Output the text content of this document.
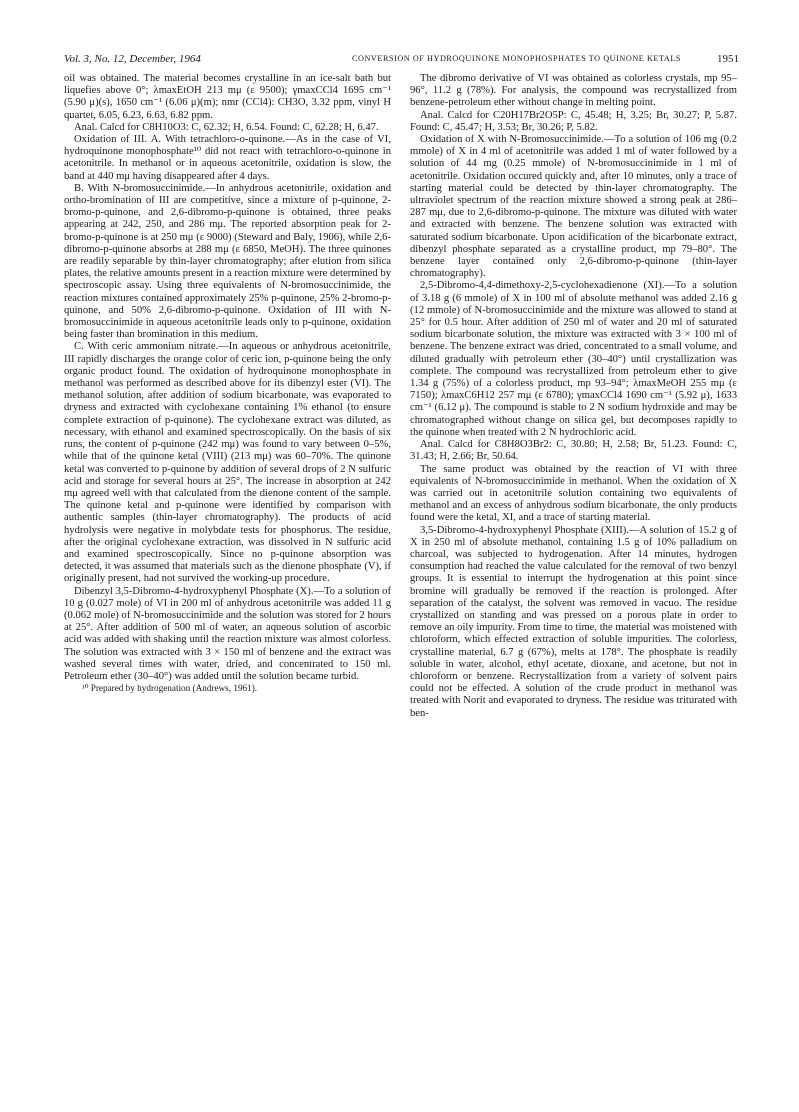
Vol. 3, No. 12, December, 1964	CONVERSION OF HYDROQUINONE MONOPHOSPHATES TO QUINONE KETALS	1951

oil was obtained. The material becomes crystalline in an ice-salt bath but liquefies above 0°; λmaxEtOH 213 mμ (ε 9500); γmaxCCl4 1695 cm⁻¹ (5.90 μ)(s), 1650 cm⁻¹ (6.06 μ)(m); nmr (CCl4): CH3O, 3.32 ppm, vinyl H quartet, 6.05, 6.23, 6.63, 6.82 ppm.

Anal. Calcd for C8H10O3: C, 62.32; H, 6.54. Found: C, 62.28; H, 6.47.

Oxidation of III. A. With tetrachloro-o-quinone.—As in the case of VI, hydroquinone monophosphate¹⁰ did not react with tetrachloro-o-quinone in acetonitrile. In methanol or in aqueous acetonitrile, oxidation is slow, the band at 440 mμ having disappeared after 4 days.

B. With N-bromosuccinimide.—In anhydrous acetonitrile, oxidation and ortho-bromination of III are competitive, since a mixture of p-quinone, 2-bromo-p-quinone, and 2,6-dibromo-p-quinone is obtained, three peaks appearing at 242, 250, and 286 mμ. The reported absorption peak for 2-bromo-p-quinone is at 250 mμ (ε 9000) (Steward and Baly, 1906), while 2,6-dibromo-p-quinone absorbs at 288 mμ (ε 6850, MeOH). The three quinones are readily separable by thin-layer chromatography; after elution from silica plates, the relative amounts present in a reaction mixture were determined by spectroscopic assay. Using three equivalents of N-bromosuccinimide, the reaction mixtures contained approximately 25% p-quinone, 25% 2-bromo-p-quinone, and 50% 2,6-dibromo-p-quinone. Oxidation of III with N-bromosuccinimide in aqueous acetonitrile leads only to p-quinone, oxidation being faster than bromination in this medium.

C. With ceric ammonium nitrate.—In aqueous or anhydrous acetonitrile, III rapidly discharges the orange color of ceric ion, p-quinone being the only organic product found. The oxidation of hydroquinone monophosphate in methanol was performed as described above for its dibenzyl ester (VI). The methanol solution, after addition of sodium bicarbonate, was evaporated to dryness and extracted with cyclohexane containing 1% ethanol (to ensure complete extraction of p-quinone). The cyclohexane extract was diluted, as necessary, with ethanol and examined spectroscopically. On the basis of six runs, the content of p-quinone (242 mμ) was found to vary between 0–5%, while that of the quinone ketal (VIII) (213 mμ) was 60–70%. The quinone ketal was converted to p-quinone by addition of several drops of 2 N sulfuric acid and storage for several hours at 25°. The increase in absorption at 242 mμ agreed well with that calculated from the dienone content of the sample. The quinone ketal and p-quinone were identified by comparison with authentic samples (thin-layer chromatography). The products of acid hydrolysis were negative in molybdate tests for phosphorus. The residue, after the original cyclohexane extraction, was dissolved in N sulfuric acid and examined spectroscopically. Since no p-quinone absorption was detected, it was assumed that materials such as the dienone phosphate (V), if originally present, had not survived the working-up procedure.

Dibenzyl 3,5-Dibromo-4-hydroxyphenyl Phosphate (X).—To a solution of 10 g (0.027 mole) of VI in 200 ml of anhydrous acetonitrile was added 11 g (0.062 mole) of N-bromosuccinimide and the solution was stored for 2 hours at 25°. After addition of 500 ml of water, an aqueous solution of ascorbic acid was added with shaking until the reaction mixture was almost colorless. The solution was extracted with 3 × 150 ml of benzene and the extract was washed several times with water, dried, and concentrated to 150 ml. Petroleum ether (30–40°) was added until the solution became turbid.

¹⁰ Prepared by hydrogenation (Andrews, 1961).

The dibromo derivative of VI was obtained as colorless crystals, mp 95–96°, 11.2 g (78%). For analysis, the compound was recrystallized from benzene-petroleum ether without change in melting point.

Anal. Calcd for C20H17Br2O5P: C, 45.48; H, 3.25; Br, 30.27; P, 5.87. Found: C, 45.47; H, 3.53; Br, 30.26; P, 5.82.

Oxidation of X with N-Bromosuccinimide.—To a solution of 106 mg (0.2 mmole) of X in 4 ml of acetonitrile was added 1 ml of water followed by a solution of 44 mg (0.25 mmole) of N-bromosuccinimide in 1 ml of acetonitrile. Oxidation occured quickly and, after 10 minutes, only a trace of starting material could be detected by thin-layer chromatography. The ultraviolet spectrum of the reaction mixture showed a strong peak at 286–287 mμ, due to 2,6-dibromo-p-quinone. The mixture was diluted with water and extracted with benzene. The benzene solution was extracted with saturated sodium bicarbonate. Upon acidification of the bicarbonate extract, dibenzyl phosphate separated as a crystalline product, mp 79–80°. The benzene layer contained only 2,6-dibromo-p-quinone (thin-layer chromatography).

2,5-Dibromo-4,4-dimethoxy-2,5-cyclohexadienone (XI).—To a solution of 3.18 g (6 mmole) of X in 100 ml of absolute methanol was added 2.16 g (12 mmole) of N-bromosuccinimide and the mixture was allowed to stand at 25° for 0.5 hour. After addition of 250 ml of water and 20 ml of saturated sodium bicarbonate solution, the mixture was extracted with 3 × 100 ml of benzene. The benzene extract was dried, concentrated to a small volume, and diluted gradually with petroleum ether (30–40°) until crystallization was complete. The compound was recrystallized from petroleum ether to give 1.34 g (75%) of a colorless product, mp 93–94°; λmaxMeOH 255 mμ (ε 7150); λmaxC6H12 257 mμ (ε 6780); γmaxCCl4 1690 cm⁻¹ (5.92 μ), 1633 cm⁻¹ (6.12 μ). The compound is stable to 2 N sodium hydroxide and may be chromatographed without change on silica gel, but decomposes rapidly to the quinone when treated with 2 N hydrochloric acid.

Anal. Calcd for C8H8O3Br2: C, 30.80; H, 2.58; Br, 51.23. Found: C, 31.43; H, 2.66; Br, 50.64.

The same product was obtained by the reaction of VI with three equivalents of N-bromosuccinimide in methanol. When the oxidation of X was carried out in acetonitrile solution containing two equivalents of methanol and an excess of anhydrous sodium bicarbonate, the only products found were the ketal, XI, and a trace of starting material.

3,5-Dibromo-4-hydroxyphenyl Phosphate (XIII).—A solution of 15.2 g of X in 250 ml of absolute methanol, containing 1.5 g of 10% palladium on charcoal, was subjected to hydrogenation. After 14 minutes, hydrogen consumption had reached the value calculated for the removal of two benzyl groups. It is essential to interrupt the hydrogenation at this point since bromine will gradually be removed if the reaction is prolonged. After separation of the catalyst, the solvent was removed in vacuo. The residue crystallized on standing and was pressed on a porous plate in order to remove an oily impurity. From time to time, the material was moistened with chloroform, which effected extraction of soluble impurities. The colorless, crystalline material, 6.7 g (67%), melts at 178°. The phosphate is readily soluble in water, alcohol, ethyl acetate, dioxane, and acetone, but not in chloroform or benzene. Recrystallization from a variety of solvent pairs could not be effected. A solution of the crude product in methanol was treated with Norit and evaporated to dryness. The residue was triturated with ben-
